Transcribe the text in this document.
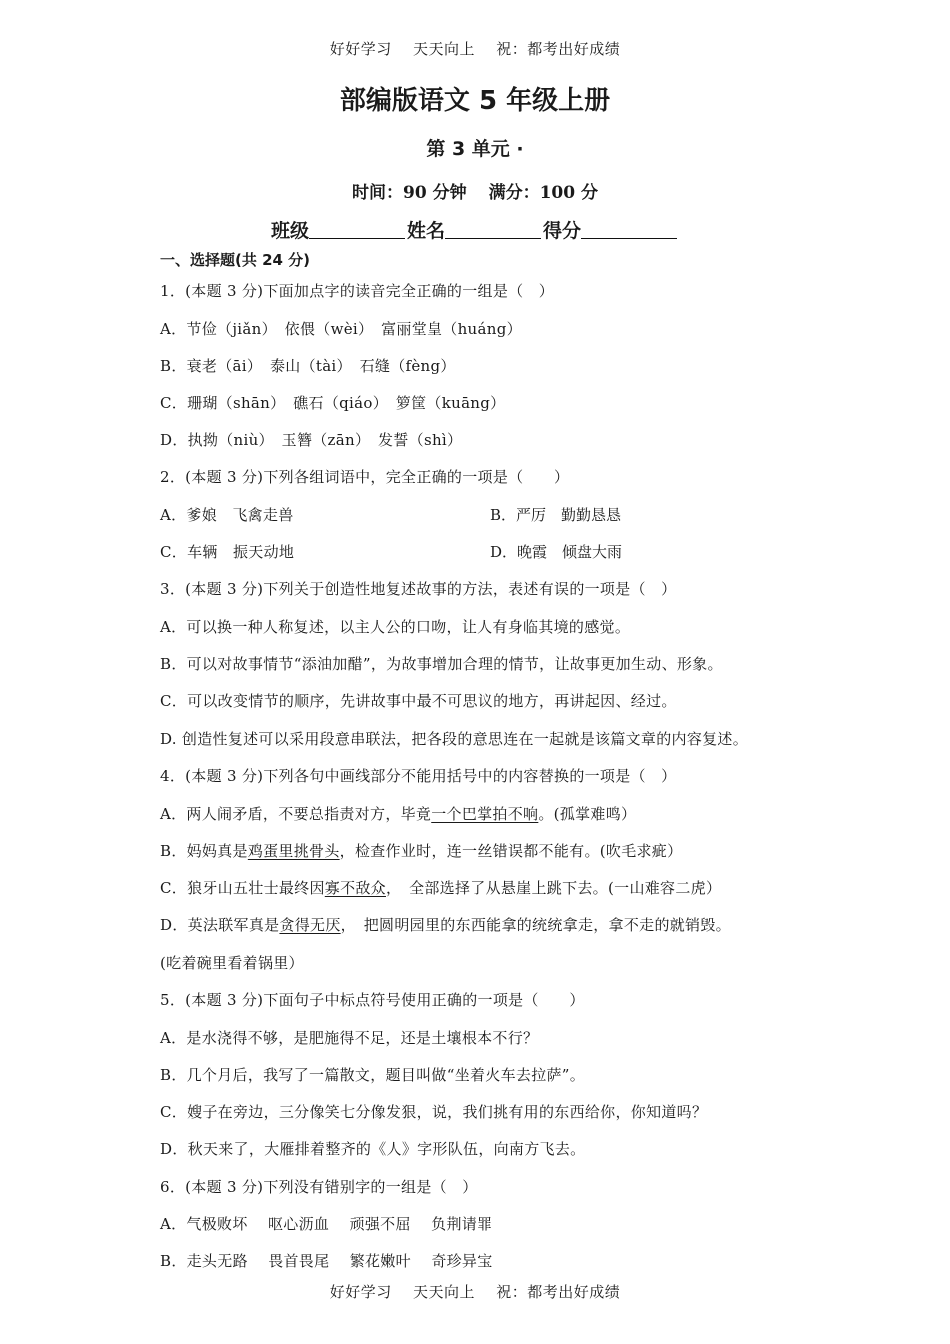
好好学习 天天向上 祝：都考出好成绩
部编版语文 5 年级上册
第 3 单元 ·
时间：90 分钟 满分：100 分
班级	姓名	得分
一、选择题(共 24 分)
1．(本题 3 分)下面加点字的读音完全正确的一组是（　）
A．节俭（jiǎn）　依偎（wèi）　富丽堂皇（huáng）
B．衰老（āi）　泰山（tài）　石缝（fèng）
C．珊瑚（shān）　礁石（qiáo）　箩筐（kuāng）
D．执拗（niù）　玉簪（zān）　发誓（shì）
2．(本题 3 分)下列各组词语中，完全正确的一项是（　　）
A．爹娘　飞禽走兽	B．严厉　勤勤恳恳
C．车辆　振天动地	D．晚霞　倾盘大雨
3．(本题 3 分)下列关于创造性地复述故事的方法，表述有误的一项是（　）
A．可以换一种人称复述，以主人公的口吻，让人有身临其境的感觉。
B．可以对故事情节“添油加醋”，为故事增加合理的情节，让故事更加生动、形象。
C．可以改变情节的顺序，先讲故事中最不可思议的地方，再讲起因、经过。
D. 创造性复述可以采用段意串联法，把各段的意思连在一起就是该篇文章的内容复述。
4．(本题 3 分)下列各句中画线部分不能用括号中的内容替换的一项是（　）
A．两人闹矛盾，不要总指责对方，毕竟一个巴掌拍不响。(孤掌难鸣）
B．妈妈真是鸡蛋里挑骨头，检查作业时，连一丝错误都不能有。(吹毛求疵）
C．狼牙山五壮士最终因寡不敌众，　全部选择了从悬崖上跳下去。(一山难容二虎）
D．英法联军真是贪得无厌，　把圆明园里的东西能拿的统统拿走，拿不走的就销毁。
(吃着碗里看着锅里）
5．(本题 3 分)下面句子中标点符号使用正确的一项是（　　）
A．是水浇得不够，是肥施得不足，还是土壤根本不行？
B．几个月后，我写了一篇散文，题目叫做“坐着火车去拉萨”。
C．嫂子在旁边，三分像笑七分像发狠，说，我们挑有用的东西给你，你知道吗？
D．秋天来了，大雁排着整齐的《人》字形队伍，向南方飞去。
6．(本题 3 分)下列没有错别字的一组是（　）
A．气极败坏　 呕心沥血　 顽强不屈　 负荆请罪
B．走头无路　 畏首畏尾　 繁花嫩叶　 奇珍异宝
好好学习 天天向上 祝：都考出好成绩
